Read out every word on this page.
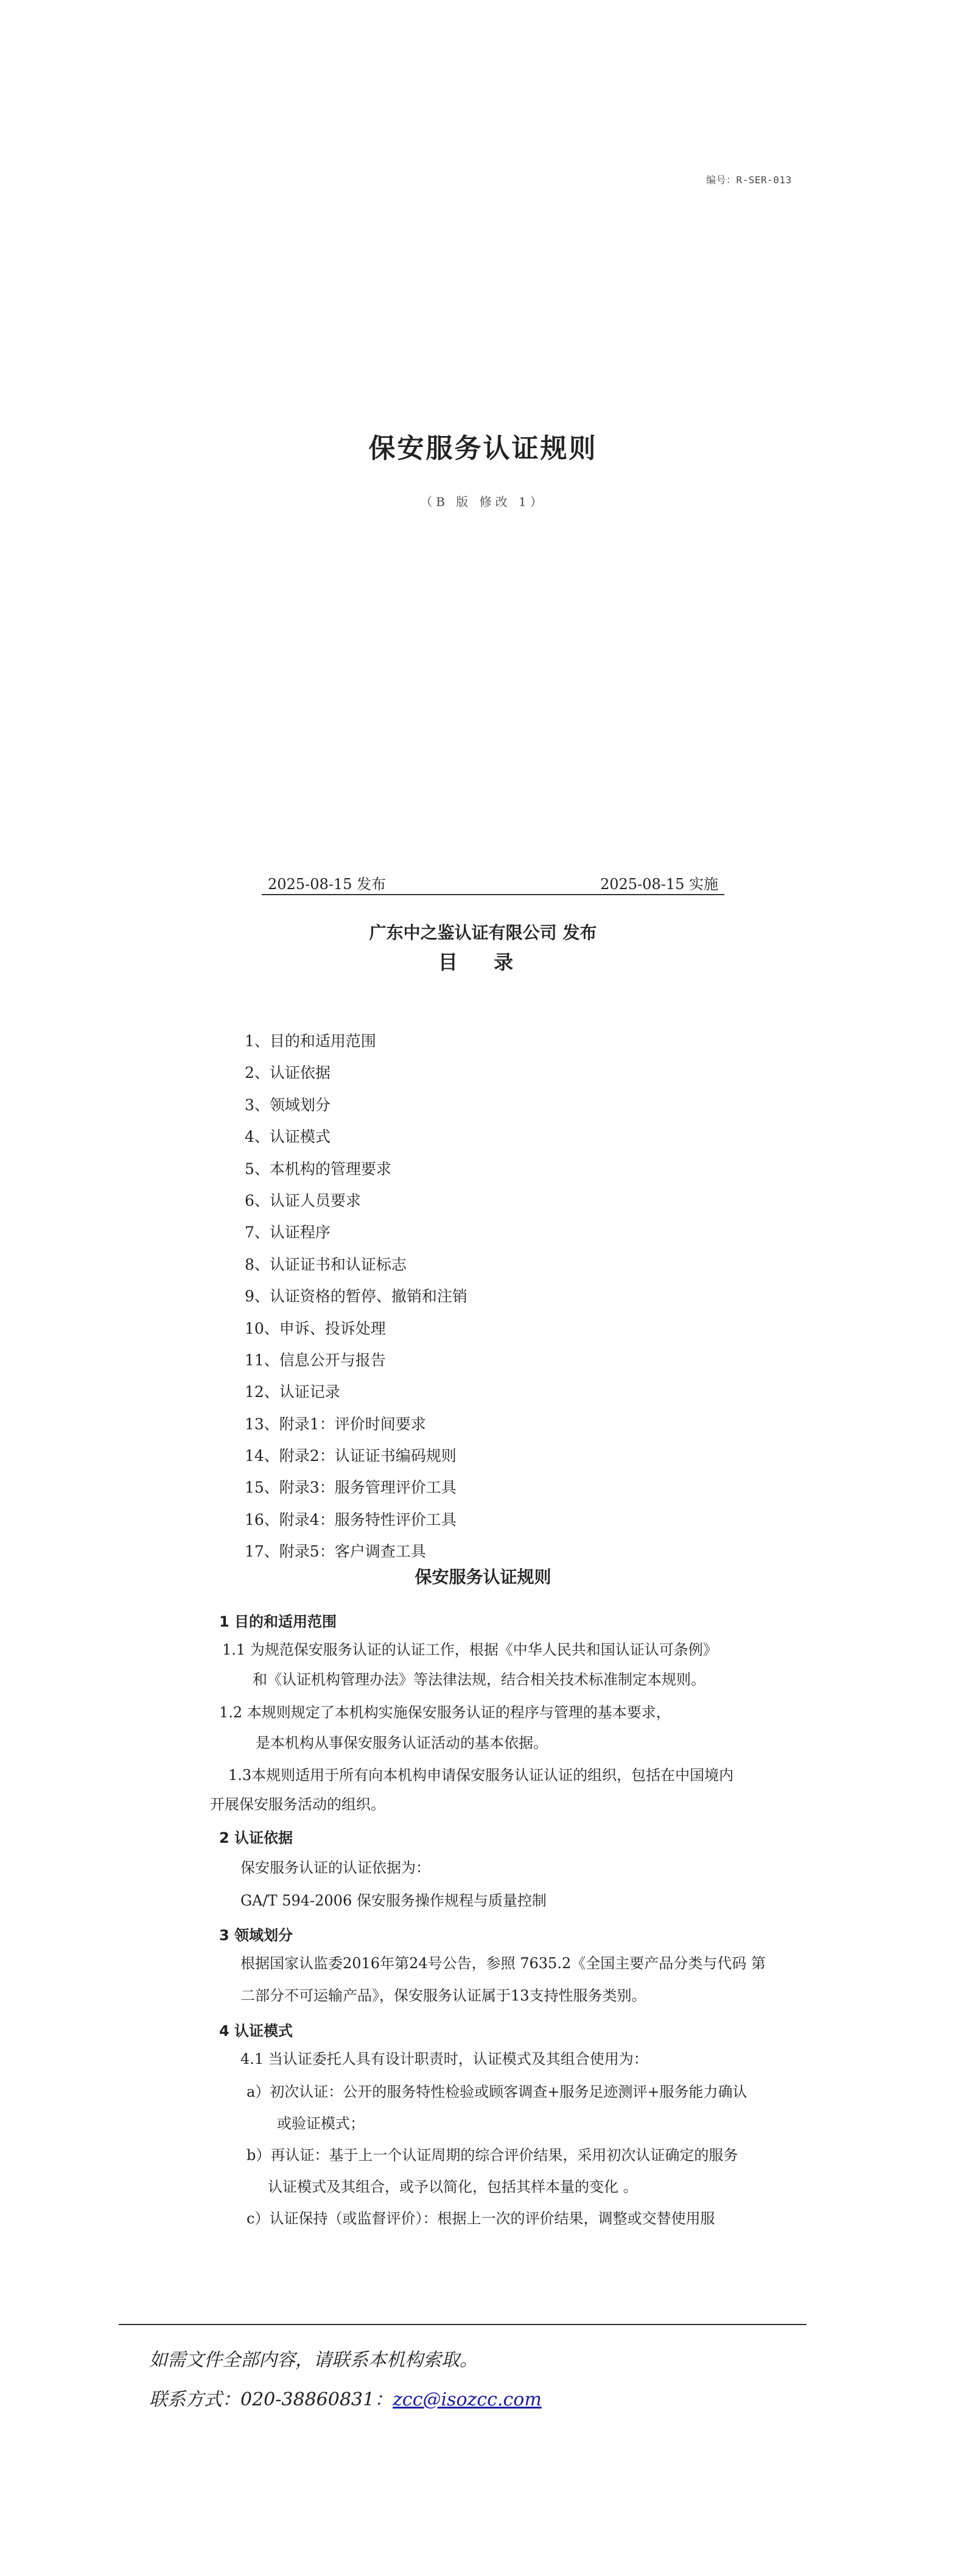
编号：R-SER-013
保安服务认证规则
（B 版 修改 1）
2025-08-15 发布	2025-08-15 实施
广东中之鉴认证有限公司 发布
目 录
1、目的和适用范围
2、认证依据
3、领域划分
4、认证模式
5、本机构的管理要求
6、认证人员要求
7、认证程序
8、认证证书和认证标志
9、认证资格的暂停、撤销和注销
10、申诉、投诉处理
11、信息公开与报告
12、认证记录
13、附录1：评价时间要求
14、附录2：认证证书编码规则
15、附录3：服务管理评价工具
16、附录4：服务特性评价工具
17、附录5：客户调查工具
保安服务认证规则
1 目的和适用范围
1.1 为规范保安服务认证的认证工作，根据《中华人民共和国认证认可条例》
和《认证机构管理办法》等法律法规，结合相关技术标准制定本规则。
1.2 本规则规定了本机构实施保安服务认证的程序与管理的基本要求，
是本机构从事保安服务认证活动的基本依据。
1.3本规则适用于所有向本机构申请保安服务认证认证的组织，包括在中国境内
开展保安服务活动的组织。
2 认证依据
保安服务认证的认证依据为：
GA/T 594-2006 保安服务操作规程与质量控制
3 领域划分
根据国家认监委2016年第24号公告，参照 7635.2《全国主要产品分类与代码 第
二部分不可运输产品》，保安服务认证属于13支持性服务类别。
4 认证模式
4.1 当认证委托人具有设计职责时，认证模式及其组合使用为：
a）初次认证：公开的服务特性检验或顾客调查+服务足迹测评+服务能力确认
或验证模式；
b）再认证：基于上一个认证周期的综合评价结果，采用初次认证确定的服务
认证模式及其组合，或予以简化，包括其样本量的变化 。
c）认证保持（或监督评价）：根据上一次的评价结果，调整或交替使用服
如需文件全部内容，请联系本机构索取。
联系方式：020-38860831：zcc@isozcc.com
